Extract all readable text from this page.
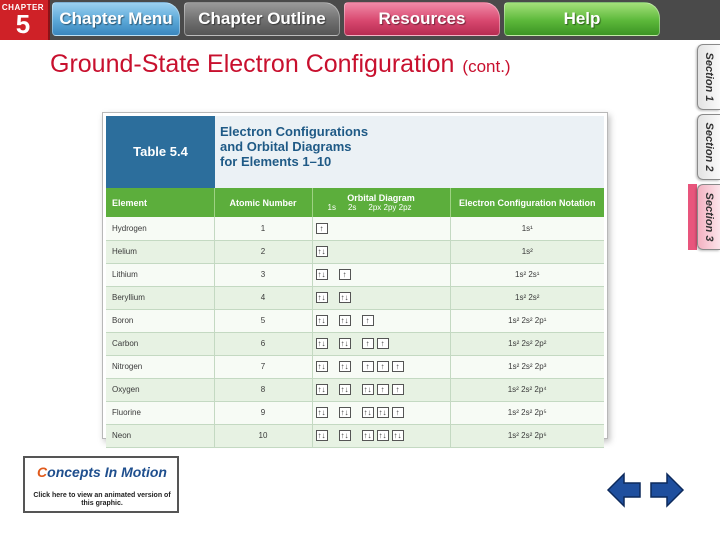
CHAPTER
5	Chapter Menu	Chapter Outline	Resources	Help
Ground-State Electron Configuration (cont.)	Section 1
Section 2
Section 3
Table 5.4
Electron Configurations
and Orbital Diagrams
for Elements 1–10
Element	Atomic Number	Orbital Diagram
1s 2s 2px 2py 2pz	Electron Configuration Notation
Hydrogen	1	↑	1s¹
Helium	2	↑↓	1s²
Lithium	3	↑↓ ↑	1s² 2s¹
Beryllium	4	↑↓ ↑↓	1s² 2s²
Boron	5	↑↓ ↑↓ ↑	1s² 2s² 2p¹
Carbon	6	↑↓ ↑↓ ↑ ↑	1s² 2s² 2p²
Nitrogen	7	↑↓ ↑↓ ↑ ↑ ↑	1s² 2s² 2p³
Oxygen	8	↑↓ ↑↓ ↑↓ ↑ ↑	1s² 2s² 2p⁴
Fluorine	9	↑↓ ↑↓ ↑↓ ↑↓ ↑	1s² 2s² 2p⁵
Neon	10	↑↓ ↑↓ ↑↓ ↑↓ ↑↓	1s² 2s² 2p⁶
Concepts In Motion
Click here to view an animated version of this graphic.
